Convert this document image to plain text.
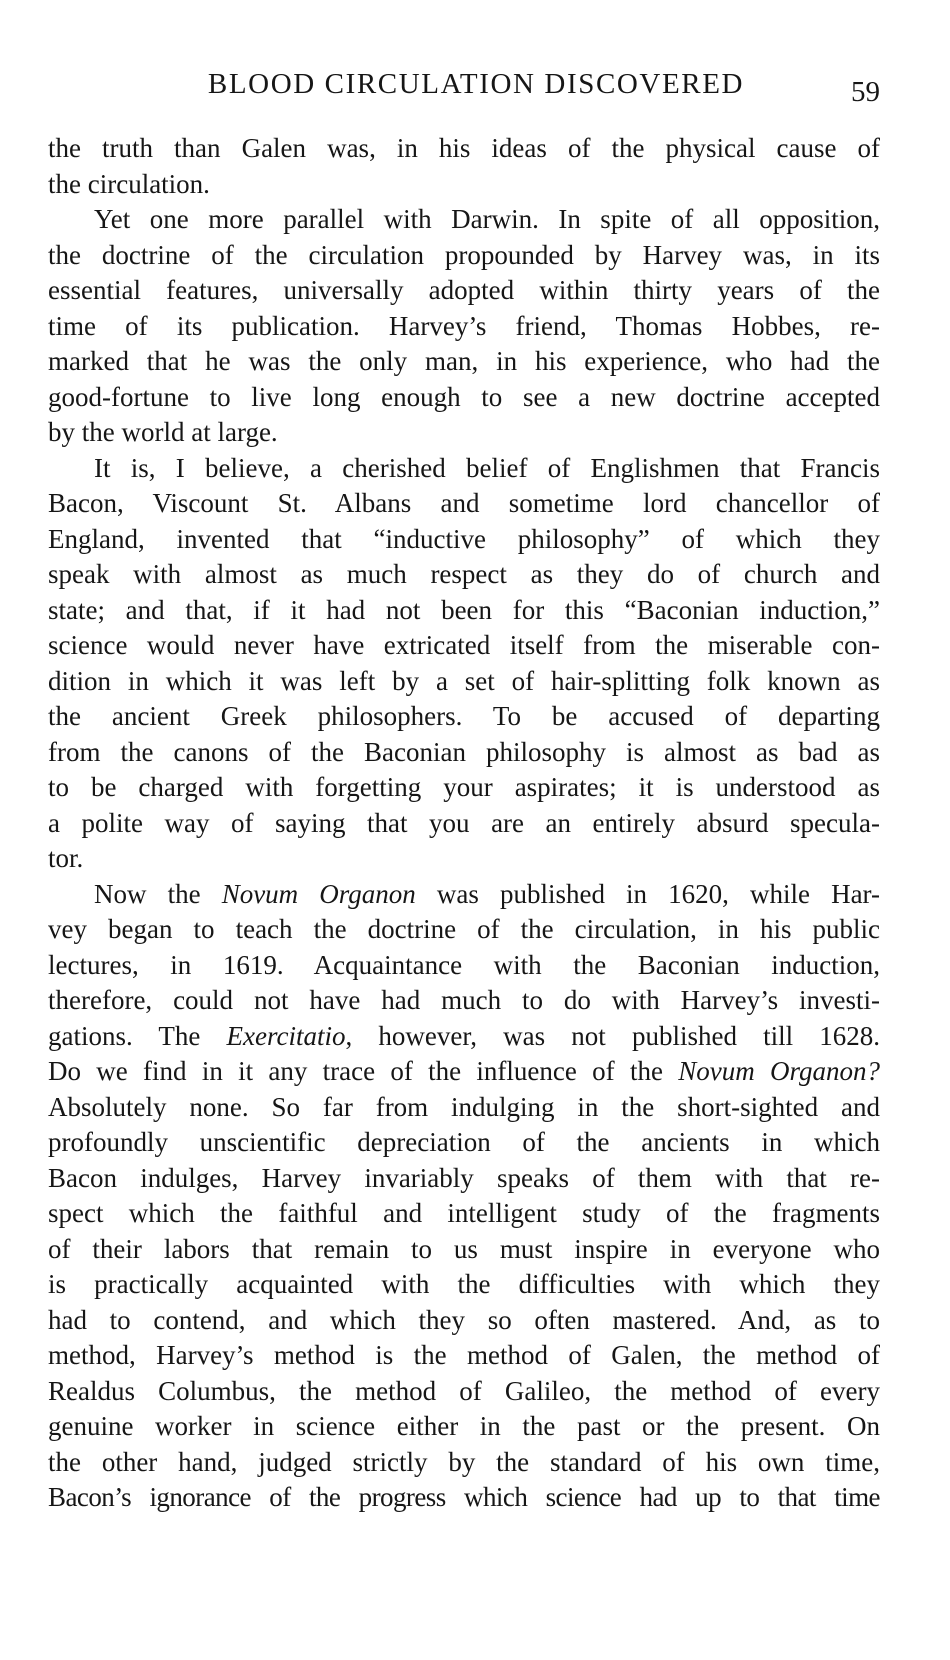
BLOOD CIRCULATION DISCOVERED	59
the truth than Galen was, in his ideas of the physical cause of
the circulation.
Yet one more parallel with Darwin. In spite of all opposition,
the doctrine of the circulation propounded by Harvey was, in its
essential features, universally adopted within thirty years of the
time of its publication. Harvey’s friend, Thomas Hobbes, re-
marked that he was the only man, in his experience, who had the
good-fortune to live long enough to see a new doctrine accepted
by the world at large.
It is, I believe, a cherished belief of Englishmen that Francis
Bacon, Viscount St. Albans and sometime lord chancellor of
England, invented that “inductive philosophy” of which they
speak with almost as much respect as they do of church and
state; and that, if it had not been for this “Baconian induction,”
science would never have extricated itself from the miserable con-
dition in which it was left by a set of hair-splitting folk known as
the ancient Greek philosophers. To be accused of departing
from the canons of the Baconian philosophy is almost as bad as
to be charged with forgetting your aspirates; it is understood as
a polite way of saying that you are an entirely absurd specula-
tor.
Now the Novum Organon was published in 1620, while Har-
vey began to teach the doctrine of the circulation, in his public
lectures, in 1619. Acquaintance with the Baconian induction,
therefore, could not have had much to do with Harvey’s investi-
gations. The Exercitatio, however, was not published till 1628.
Do we find in it any trace of the influence of the Novum Organon?
Absolutely none. So far from indulging in the short-sighted and
profoundly unscientific depreciation of the ancients in which
Bacon indulges, Harvey invariably speaks of them with that re-
spect which the faithful and intelligent study of the fragments
of their labors that remain to us must inspire in everyone who
is practically acquainted with the difficulties with which they
had to contend, and which they so often mastered. And, as to
method, Harvey’s method is the method of Galen, the method of
Realdus Columbus, the method of Galileo, the method of every
genuine worker in science either in the past or the present. On
the other hand, judged strictly by the standard of his own time,
Bacon’s ignorance of the progress which science had up to that time
